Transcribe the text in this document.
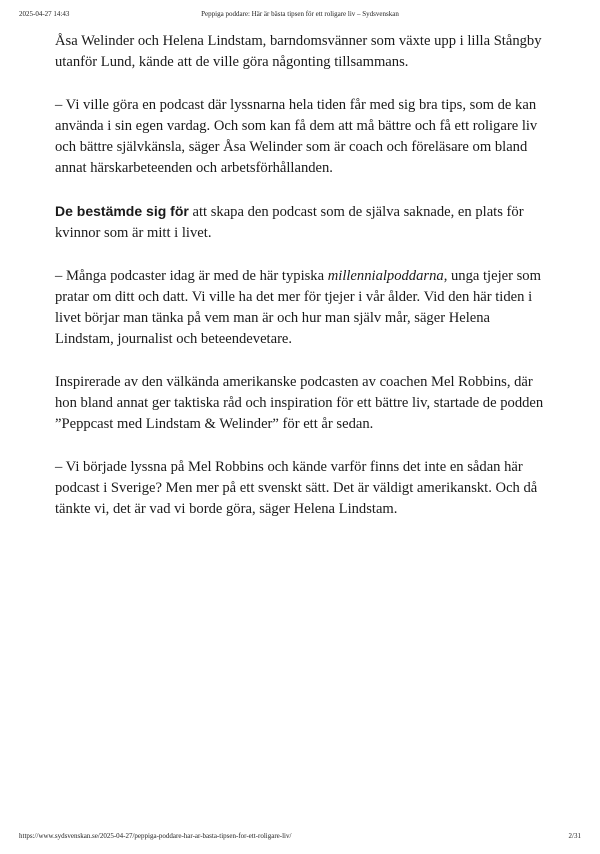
2025-04-27 14:43	Peppiga poddare: Här är bästa tipsen för ett roligare liv – Sydsvenskan

Åsa Welinder och Helena Lindstam, barndomsvänner som växte upp i lilla Stångby utanför Lund, kände att de ville göra någonting tillsammans.

– Vi ville göra en podcast där lyssnarna hela tiden får med sig bra tips, som de kan använda i sin egen vardag. Och som kan få dem att må bättre och få ett roligare liv och bättre självkänsla, säger Åsa Welinder som är coach och föreläsare om bland annat härskarbeteenden och arbetsförhållanden.

De bestämde sig för att skapa den podcast som de själva saknade, en plats för kvinnor som är mitt i livet.

– Många podcaster idag är med de här typiska millennialpoddarna, unga tjejer som pratar om ditt och datt. Vi ville ha det mer för tjejer i vår ålder. Vid den här tiden i livet börjar man tänka på vem man är och hur man själv mår, säger Helena Lindstam, journalist och beteendevetare.

Inspirerade av den välkända amerikanske podcasten av coachen Mel Robbins, där hon bland annat ger taktiska råd och inspiration för ett bättre liv, startade de podden ”Peppcast med Lindstam & Welinder” för ett år sedan.

– Vi började lyssna på Mel Robbins och kände varför finns det inte en sådan här podcast i Sverige? Men mer på ett svenskt sätt. Det är väldigt amerikanskt. Och då tänkte vi, det är vad vi borde göra, säger Helena Lindstam.

https://www.sydsvenskan.se/2025-04-27/peppiga-poddare-har-ar-basta-tipsen-for-ett-roligare-liv/	2/31
